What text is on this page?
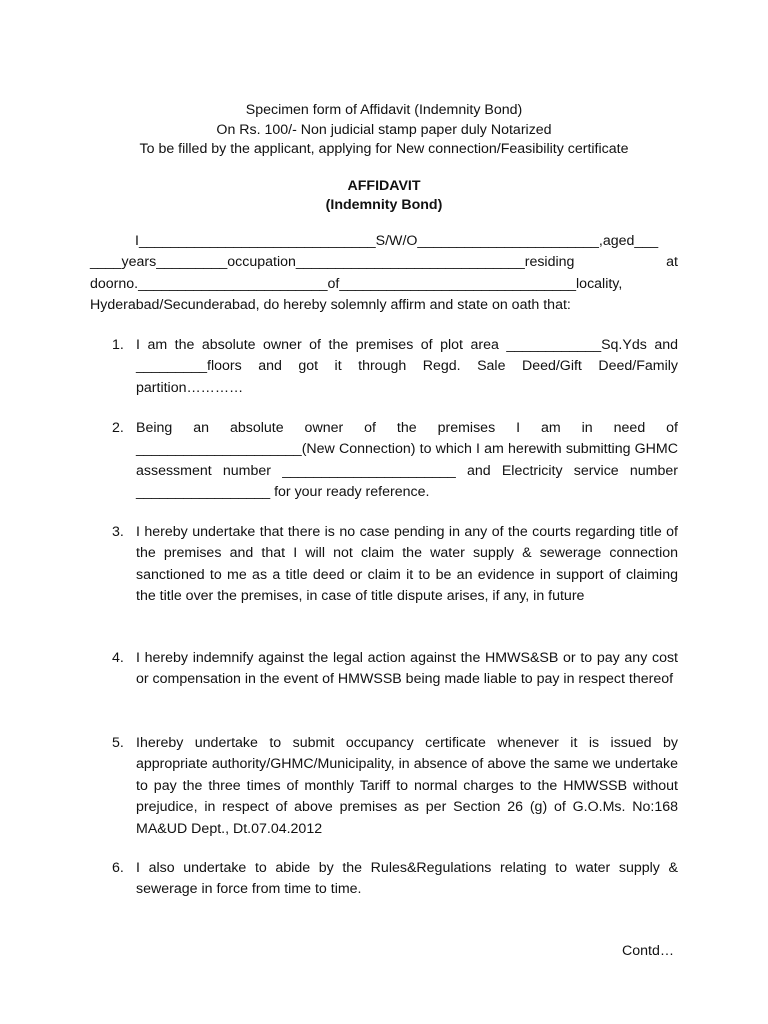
Specimen form of Affidavit (Indemnity Bond)
On Rs. 100/- Non judicial stamp paper duly Notarized
To be filled by the applicant, applying for New connection/Feasibility certificate
AFFIDAVIT
(Indemnity Bond)
I______________________________S/W/O_______________________,aged___
____years_________occupation_____________________________residing at
doorno.________________________of______________________________locality,
Hyderabad/Secunderabad, do hereby solemnly affirm and state on oath that:
1. I am the absolute owner of the premises of plot area ____________Sq.Yds and _________floors and got it through Regd. Sale Deed/Gift Deed/Family partition…………
2. Being an absolute owner of the premises I am in need of _____________________(New Connection) to which I am herewith submitting GHMC assessment number ______________________ and Electricity service number _________________ for your ready reference.
3. I hereby undertake that there is no case pending in any of the courts regarding title of the premises and that I will not claim the water supply & sewerage connection sanctioned to me as a title deed or claim it to be an evidence in support of claiming the title over the premises, in case of title dispute arises, if any, in future
4. I hereby indemnify against the legal action against the HMWS&SB or to pay any cost or compensation in the event of HMWSSB being made liable to pay in respect thereof
5. Ihereby undertake to submit occupancy certificate whenever it is issued by appropriate authority/GHMC/Municipality, in absence of above the same we undertake to pay the three times of monthly Tariff to normal charges to the HMWSSB without prejudice, in respect of above premises as per Section 26 (g) of G.O.Ms. No:168 MA&UD Dept., Dt.07.04.2012
6. I also undertake to abide by the Rules&Regulations relating to water supply & sewerage in force from time to time.
Contd…
